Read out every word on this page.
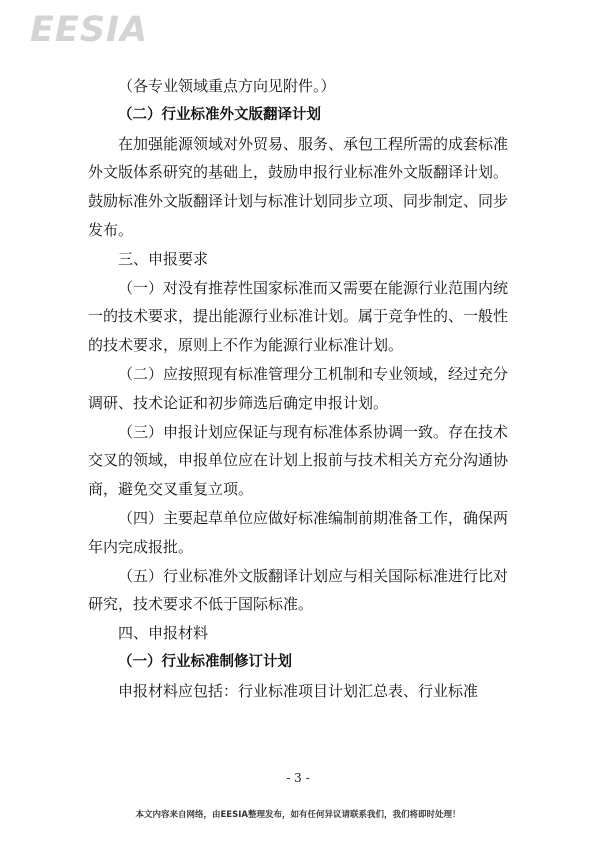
EESIA

（各专业领域重点方向见附件。）

（二）行业标准外文版翻译计划

在加强能源领域对外贸易、服务、承包工程所需的成套标准外文版体系研究的基础上，鼓励申报行业标准外文版翻译计划。鼓励标准外文版翻译计划与标准计划同步立项、同步制定、同步发布。

三、申报要求

（一）对没有推荐性国家标准而又需要在能源行业范围内统一的技术要求，提出能源行业标准计划。属于竞争性的、一般性的技术要求，原则上不作为能源行业标准计划。

（二）应按照现有标准管理分工机制和专业领域，经过充分调研、技术论证和初步筛选后确定申报计划。

（三）申报计划应保证与现有标准体系协调一致。存在技术交叉的领域，申报单位应在计划上报前与技术相关方充分沟通协商，避免交叉重复立项。

（四）主要起草单位应做好标准编制前期准备工作，确保两年内完成报批。

（五）行业标准外文版翻译计划应与相关国际标准进行比对研究，技术要求不低于国际标准。

四、申报材料

（一）行业标准制修订计划

申报材料应包括：行业标准项目计划汇总表、行业标准

- 3 -
本文内容来自网络，由EESIA整理发布，如有任何异议请联系我们，我们将即时处理！
